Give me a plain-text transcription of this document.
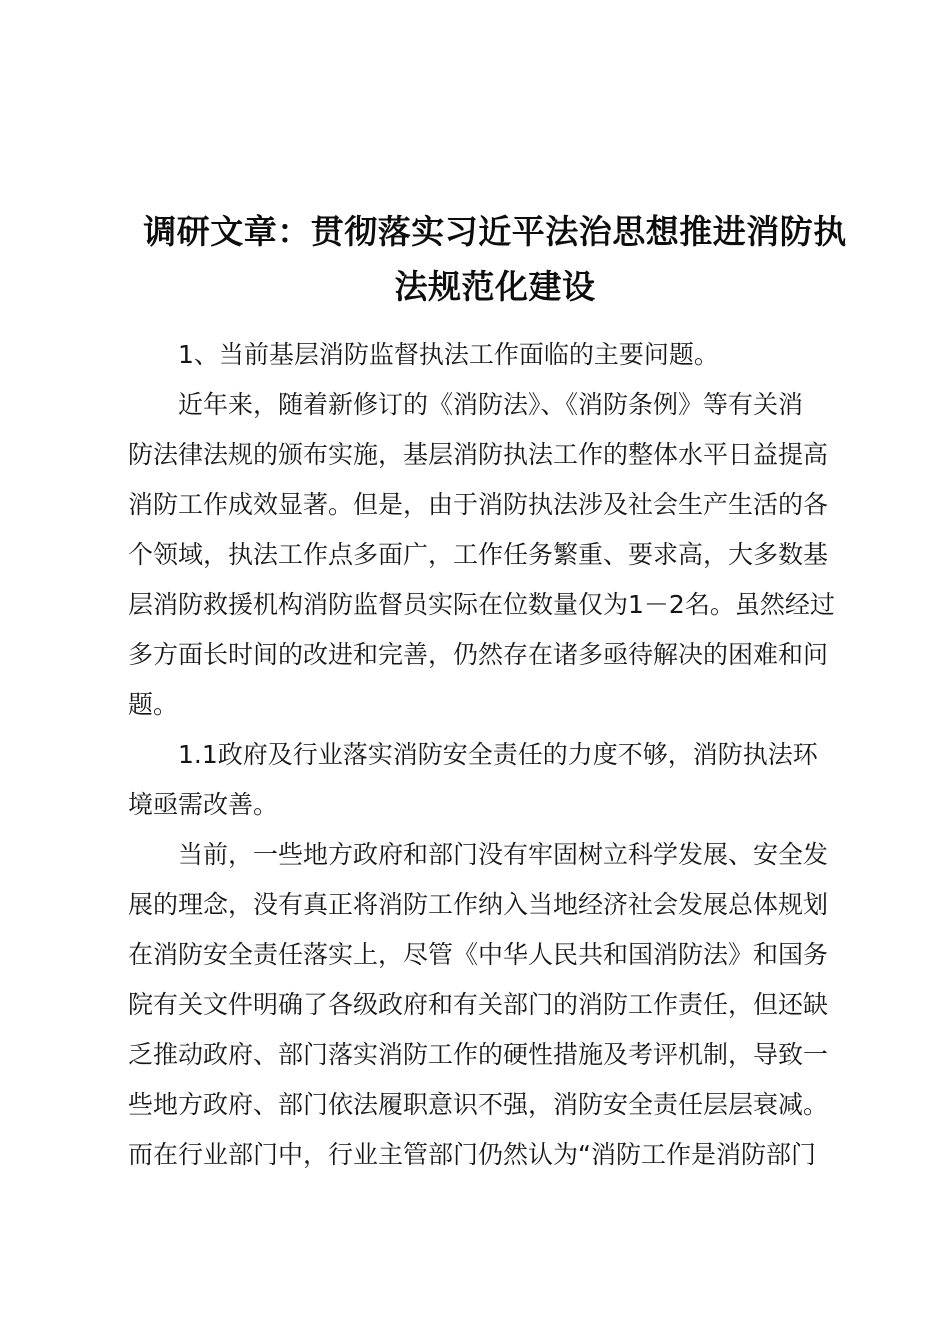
调研文章：贯彻落实习近平法治思想推进消防执
法规范化建设

1、当前基层消防监督执法工作面临的主要问题。

近年来，随着新修订的《消防法》、《消防条例》等有关消
防法律法规的颁布实施，基层消防执法工作的整体水平日益提高
消防工作成效显著。但是，由于消防执法涉及社会生产生活的各
个领域，执法工作点多面广，工作任务繁重、要求高，大多数基
层消防救援机构消防监督员实际在位数量仅为1－2名。虽然经过
多方面长时间的改进和完善，仍然存在诸多亟待解决的困难和问
题。

1.1政府及行业落实消防安全责任的力度不够，消防执法环
境亟需改善。

当前，一些地方政府和部门没有牢固树立科学发展、安全发
展的理念，没有真正将消防工作纳入当地经济社会发展总体规划
在消防安全责任落实上，尽管《中华人民共和国消防法》和国务
院有关文件明确了各级政府和有关部门的消防工作责任，但还缺
乏推动政府、部门落实消防工作的硬性措施及考评机制，导致一
些地方政府、部门依法履职意识不强，消防安全责任层层衰减。
而在行业部门中，行业主管部门仍然认为“消防工作是消防部门
